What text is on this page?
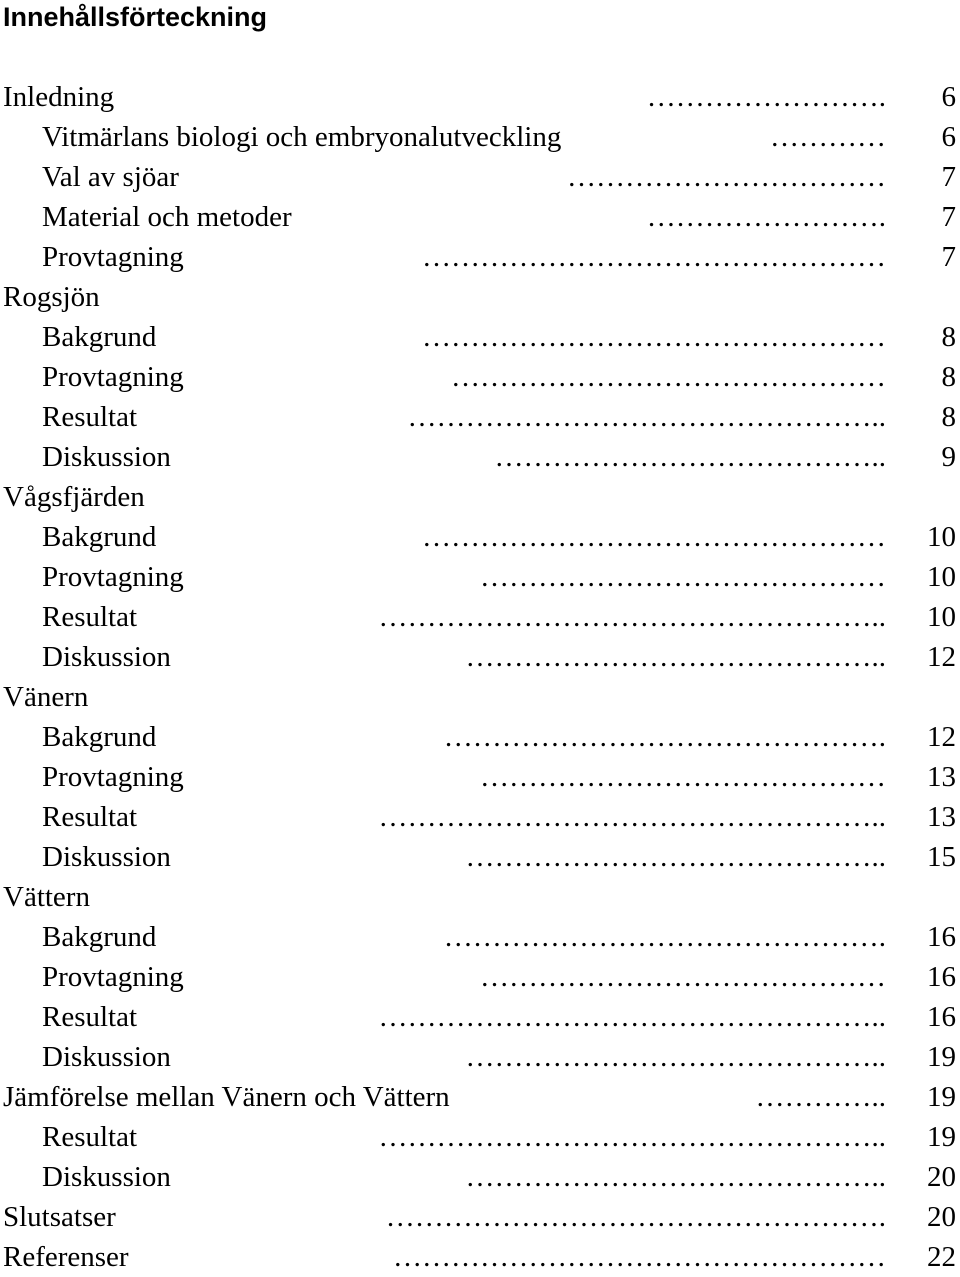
Innehållsförteckning
Inledning	…………………….	6
Vitmärlans biologi och embryonalutveckling	…………	6
Val av sjöar	……………………………	7
Material och metoder	…………………….	7
Provtagning	…………………………………………	7
Rogsjön
Bakgrund	…………………………………………	8
Provtagning	………………………………………	8
Resultat	…………………………………………..	8
Diskussion	…………………………………..	9
Vågsfjärden
Bakgrund	…………………………………………	10
Provtagning	……………………………………	10
Resultat	……………………………………………..	10
Diskussion	……………………………………..	12
Vänern
Bakgrund	……………………………………….	12
Provtagning	……………………………………	13
Resultat	……………………………………………..	13
Diskussion	……………………………………..	15
Vättern
Bakgrund	……………………………………….	16
Provtagning	……………………………………	16
Resultat	……………………………………………..	16
Diskussion	……………………………………..	19
Jämförelse mellan Vänern och Vättern	…………..	19
Resultat	……………………………………………..	19
Diskussion	……………………………………..	20
Slutsatser	…………………………………………….	20
Referenser	……………………………………………	22
